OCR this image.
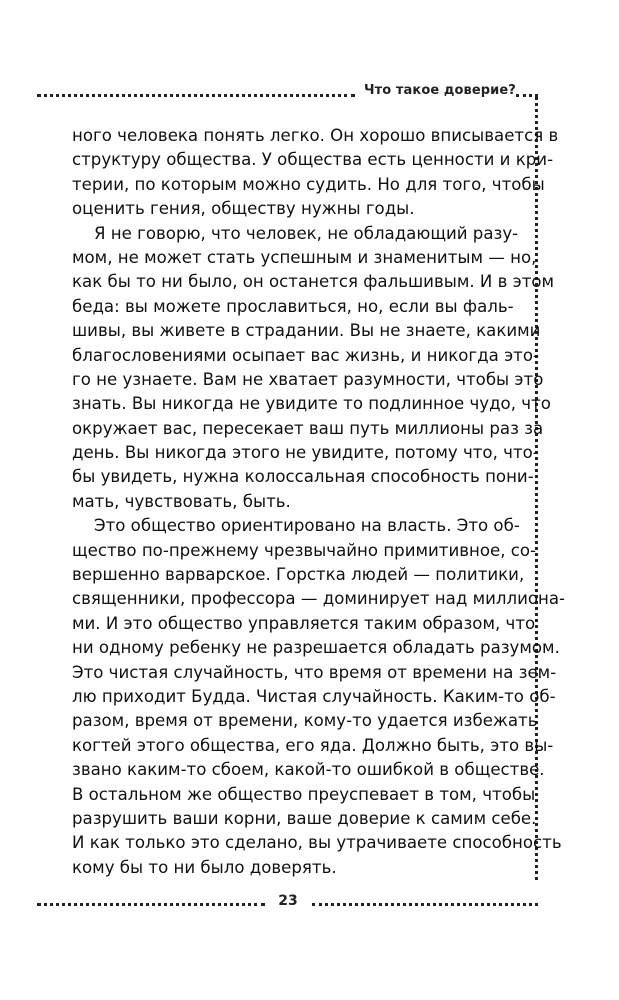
Что такое доверие?
ного человека понять легко. Он хорошо вписывается в
структуру общества. У общества есть ценности и кри-
терии, по которым можно судить. Но для того, чтобы
оценить гения, обществу нужны годы.
Я не говорю, что человек, не обладающий разу-
мом, не может стать успешным и знаменитым — но,
как бы то ни было, он останется фальшивым. И в этом
беда: вы можете прославиться, но, если вы фаль-
шивы, вы живете в страдании. Вы не знаете, какими
благословениями осыпает вас жизнь, и никогда это-
го не узнаете. Вам не хватает разумности, чтобы это
знать. Вы никогда не увидите то подлинное чудо, что
окружает вас, пересекает ваш путь миллионы раз за
день. Вы никогда этого не увидите, потому что, что-
бы увидеть, нужна колоссальная способность пони-
мать, чувствовать, быть.
Это общество ориентировано на власть. Это об-
щество по-прежнему чрезвычайно примитивное, со-
вершенно варварское. Горстка людей — политики,
священники, профессора — доминирует над миллиона-
ми. И это общество управляется таким образом, что
ни одному ребенку не разрешается обладать разумом.
Это чистая случайность, что время от времени на зем-
лю приходит Будда. Чистая случайность. Каким-то об-
разом, время от времени, кому-то удается избежать
когтей этого общества, его яда. Должно быть, это вы-
звано каким-то сбоем, какой-то ошибкой в обществе.
В остальном же общество преуспевает в том, чтобы
разрушить ваши корни, ваше доверие к самим себе.
И как только это сделано, вы утрачиваете способность
кому бы то ни было доверять.
23
